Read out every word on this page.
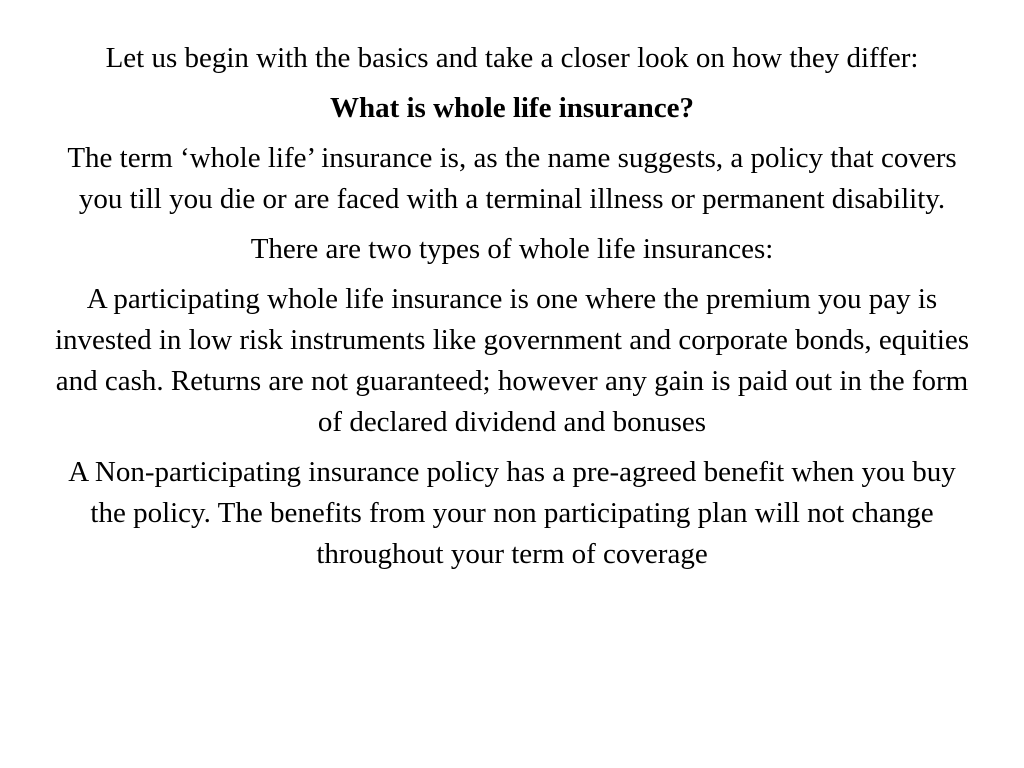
Let us begin with the basics and take a closer look on how they differ:

What is whole life insurance?

The term ‘whole life’ insurance is, as the name suggests, a policy that covers you till you die or are faced with a terminal illness or permanent disability.

There are two types of whole life insurances:

A participating whole life insurance is one where the premium you pay is invested in low risk instruments like government and corporate bonds, equities and cash. Returns are not guaranteed; however any gain is paid out in the form of declared dividend and bonuses

A Non-participating insurance policy has a pre-agreed benefit when you buy the policy. The benefits from your non participating plan will not change throughout your term of coverage
